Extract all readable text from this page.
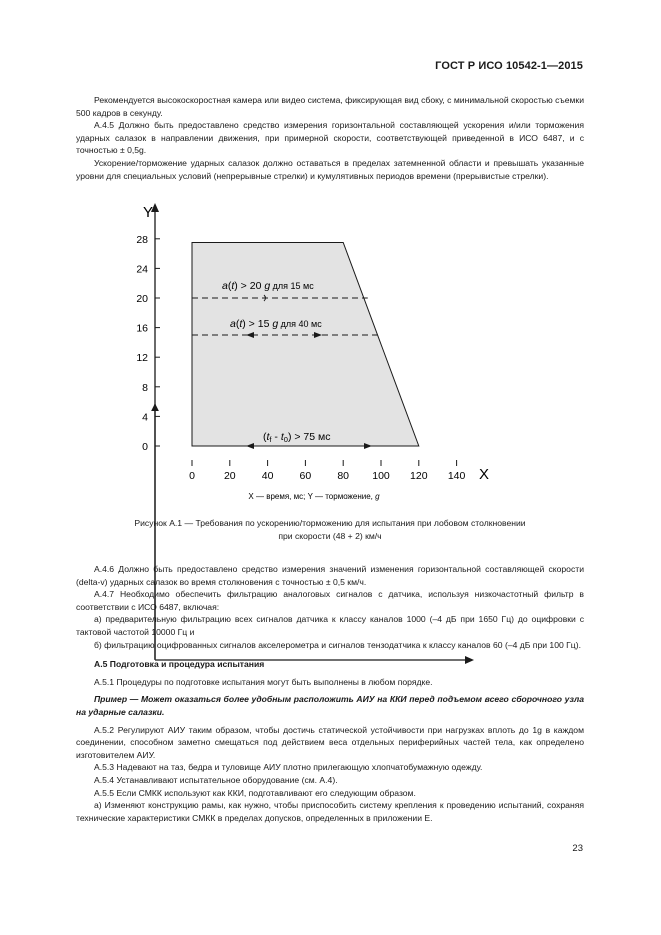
ГОСТ Р ИСО 10542-1—2015

Рекомендуется высокоскоростная камера или видео система, фиксирующая вид сбоку, с минимальной скоростью съемки 500 кадров в секунду.

А.4.5 Должно быть предоставлено средство измерения горизонтальной составляющей ускорения и/или торможения ударных салазок в направлении движения, при примерной скорости, соответствующей приведенной в ИСО 6487, и с точностью ± 0,5g.

Ускорение/торможение ударных салазок должно оставаться в пределах затемненной области и превышать указанные уровни для специальных условий (непрерывные стрелки) и кумулятивных периодов времени (прерывистые стрелки).

0	20 40 60 80 100 120 140
0
4
8
12
16
20
24
28
Y
X
a(t) > 20 g для 15 мс
a(t) > 15 g для 40 мс
(tf - t0) > 75 мс
X — время, мс; Y — торможение, g
Рисунок А.1 — Требования по ускорению/торможению для испытания при лобовом столкновении
при скорости (48 + 2) км/ч

А.4.6 Должно быть предоставлено средство измерения значений изменения горизонтальной составляющей скорости (delta-v) ударных салазок во время столкновения с точностью ± 0,5 км/ч.

А.4.7 Необходимо обеспечить фильтрацию аналоговых сигналов с датчика, используя низкочастотный фильтр в соответствии с ИСО 6487, включая:

а) предварительную фильтрацию всех сигналов датчика к классу каналов 1000 (–4 дБ при 1650 Гц) до оцифровки с тактовой частотой 10000 Гц и

б) фильтрацию оцифрованных сигналов акселерометра и сигналов тензодатчика к классу каналов 60 (–4 дБ при 100 Гц).

А.5 Подготовка и процедура испытания

А.5.1 Процедуры по подготовке испытания могут быть выполнены в любом порядке.

Пример — Может оказаться более удобным расположить АИУ на ККИ перед подъемом всего сборочного узла на ударные салазки.

А.5.2 Регулируют АИУ таким образом, чтобы достичь статической устойчивости при нагрузках вплоть до 1g в каждом соединении, способном заметно смещаться под действием веса отдельных периферийных частей тела, как определено изготовителем АИУ.

А.5.3 Надевают на таз, бедра и туловище АИУ плотно прилегающую хлопчатобумажную одежду.

А.5.4 Устанавливают испытательное оборудование (см. А.4).

А.5.5 Если СМКК используют как ККИ, подготавливают его следующим образом.

а) Изменяют конструкцию рамы, как нужно, чтобы приспособить систему крепления к проведению испытаний, сохраняя технические характеристики СМКК в пределах допусков, определенных в приложении Е.

23
